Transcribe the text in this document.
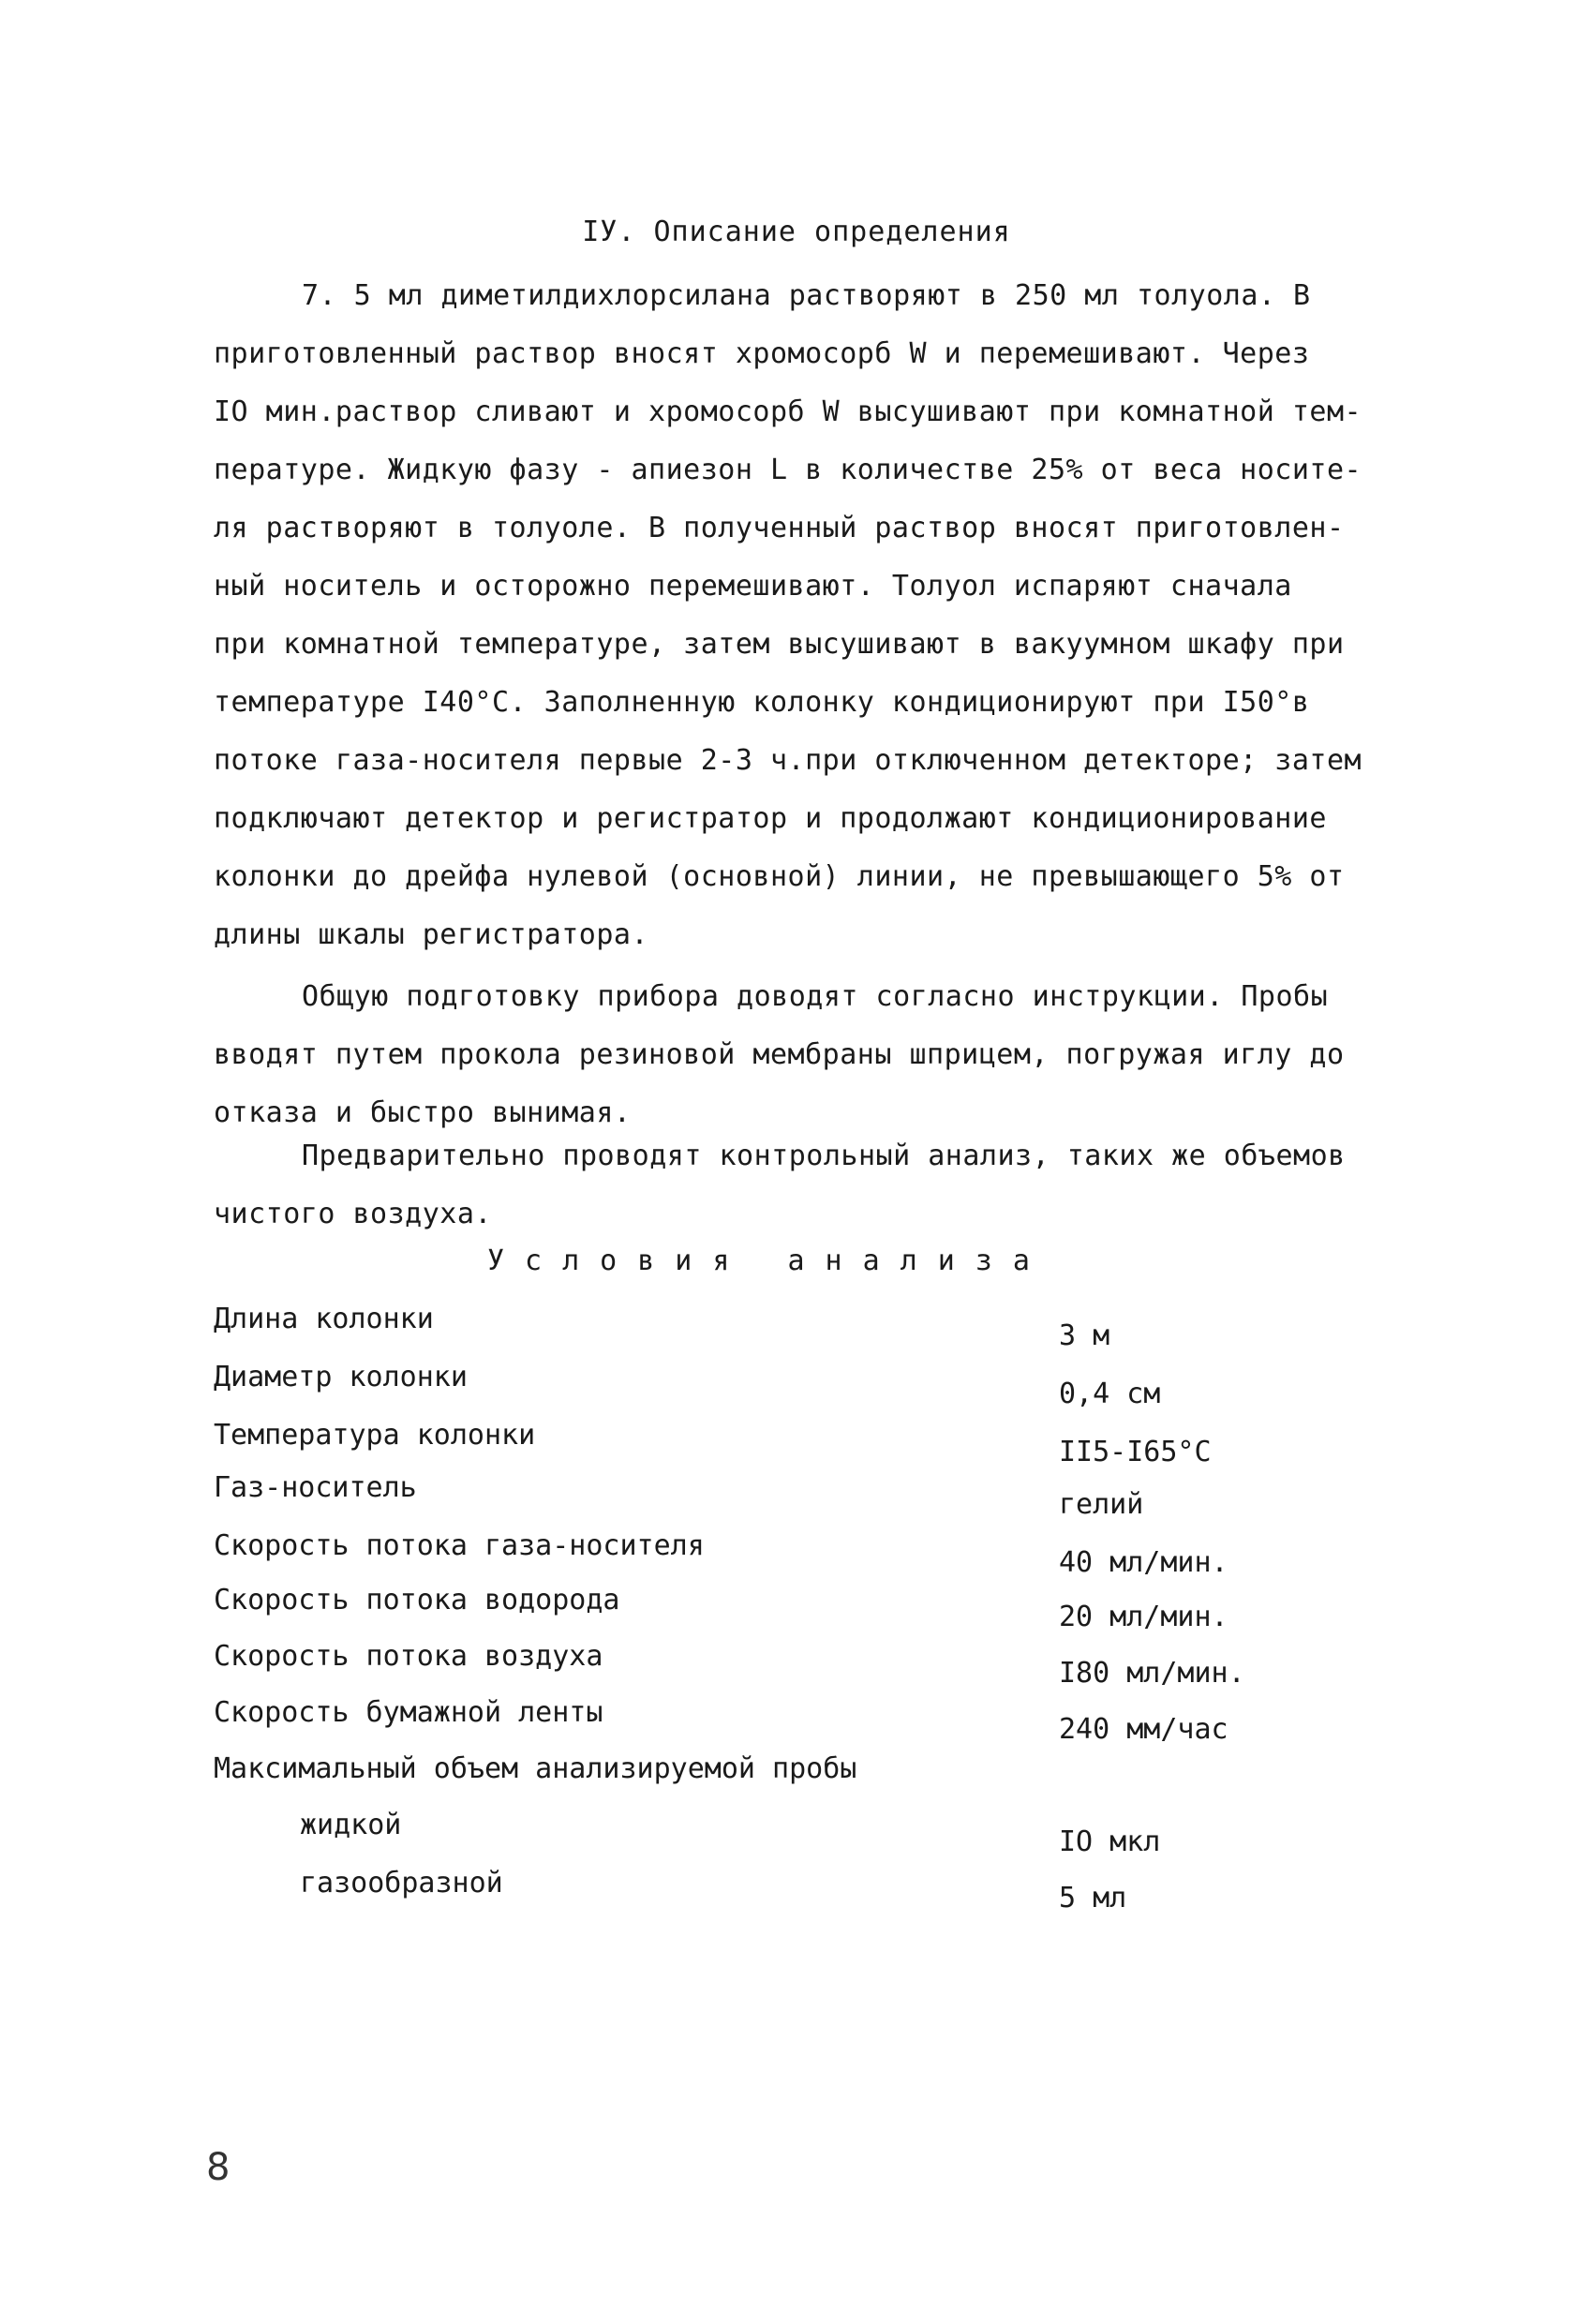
IУ. Описание определения
7. 5 мл диметилдихлорсилана растворяют в 250 мл толуола. В
приготовленный раствор вносят хромосорб W и перемешивают. Через
IO мин.раствор сливают и хромосорб W высушивают при комнатной тем-
пературе. Жидкую фазу - апиезон L в количестве 25% от веса носите-
ля растворяют в толуоле. В полученный раствор вносят приготовлен-
ный носитель и осторожно перемешивают. Толуол испаряют сначала
при комнатной температуре, затем высушивают в вакуумном шкафу при
температуре I40°С. Заполненную колонку кондиционируют при I50°в
потоке газа-носителя первые 2-3 ч.при отключенном детекторе; затем
подключают детектор и регистратор и продолжают кондиционирование
колонки до дрейфа нулевой (основной) линии, не превышающего 5% от
длины шкалы регистратора.
Общую подготовку прибора доводят согласно инструкции. Пробы
вводят путем прокола резиновой мембраны шприцем, погружая иглу до
отказа и быстро вынимая.
Предварительно проводят контрольный анализ, таких же объемов
чистого воздуха.
Условия анализа
Длина колонки
3 м
Диаметр колонки
0,4 см
Температура колонки
II5-I65°С
Газ-носитель
гелий
Скорость потока газа-носителя
40 мл/мин.
Скорость потока водорода
20 мл/мин.
Скорость потока воздуха
I80 мл/мин.
Скорость бумажной ленты
240 мм/час
Максимальный объем анализируемой пробы
жидкой
IO мкл
газообразной	5 мл
8
